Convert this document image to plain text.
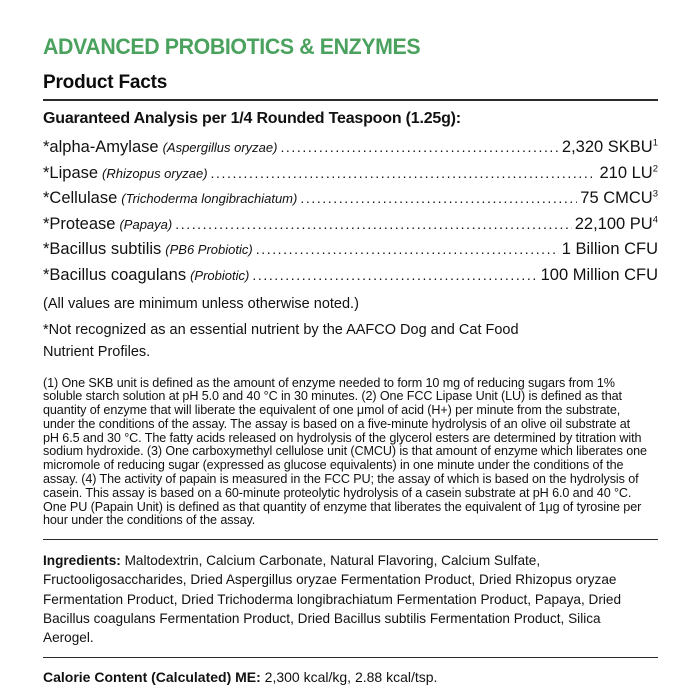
ADVANCED PROBIOTICS & ENZYMES
Product Facts
Guaranteed Analysis per 1/4 Rounded Teaspoon (1.25g):
*alpha-Amylase (Aspergillus oryzae) .....	2,320 SKBU$^1$
*Lipase (Rhizopus oryzae) .....	210 $LU^2$
*Cellulase (Trichoderma longibrachiatum) .....	75 CMCU$^3$
*Protease (Papaya) .....	22,100 $PU^4$
*Bacillus subtilis (PB6 Probiotic) .....	1 Billion CFU
*Bacillus coagulans (Probiotic) .....	100 Million CFU

(All values are minimum unless otherwise noted.)

*Not recognized as an essential nutrient by the AAFCO Dog and Cat Food Nutrient Profiles.

(1) One SKB unit is defined as the amount of enzyme needed to form 10 mg of reducing sugars from 1% soluble starch solution at pH 5.0 and 40 °C in 30 minutes. (2) One FCC Lipase Unit (LU) is defined as that quantity of enzyme that will liberate the equivalent of one μmol of acid (H+) per minute from the substrate, under the conditions of the assay. The assay is based on a five-minute hydrolysis of an olive oil substrate at pH 6.5 and 30 °C. The fatty acids released on hydrolysis of the glycerol esters are determined by titration with sodium hydroxide. (3) One carboxymethyl cellulose unit (CMCU) is that amount of enzyme which liberates one micromole of reducing sugar (expressed as glucose equivalents) in one minute under the conditions of the assay. (4) The activity of papain is measured in the FCC PU; the assay of which is based on the hydrolysis of casein. This assay is based on a 60-minute proteolytic hydrolysis of a casein substrate at pH 6.0 and 40 °C. One PU (Papain Unit) is defined as that quantity of enzyme that liberates the equivalent of 1μg of tyrosine per hour under the conditions of the assay.

Ingredients: Maltodextrin, Calcium Carbonate, Natural Flavoring, Calcium Sulfate, Fructooligosaccharides, Dried Aspergillus oryzae Fermentation Product, Dried Rhizopus oryzae Fermentation Product, Dried Trichoderma longibrachiatum Fermentation Product, Papaya, Dried Bacillus coagulans Fermentation Product, Dried Bacillus subtilis Fermentation Product, Silica Aerogel.

Calorie Content (Calculated) ME: 2,300 kcal/kg, 2.88 kcal/tsp.
